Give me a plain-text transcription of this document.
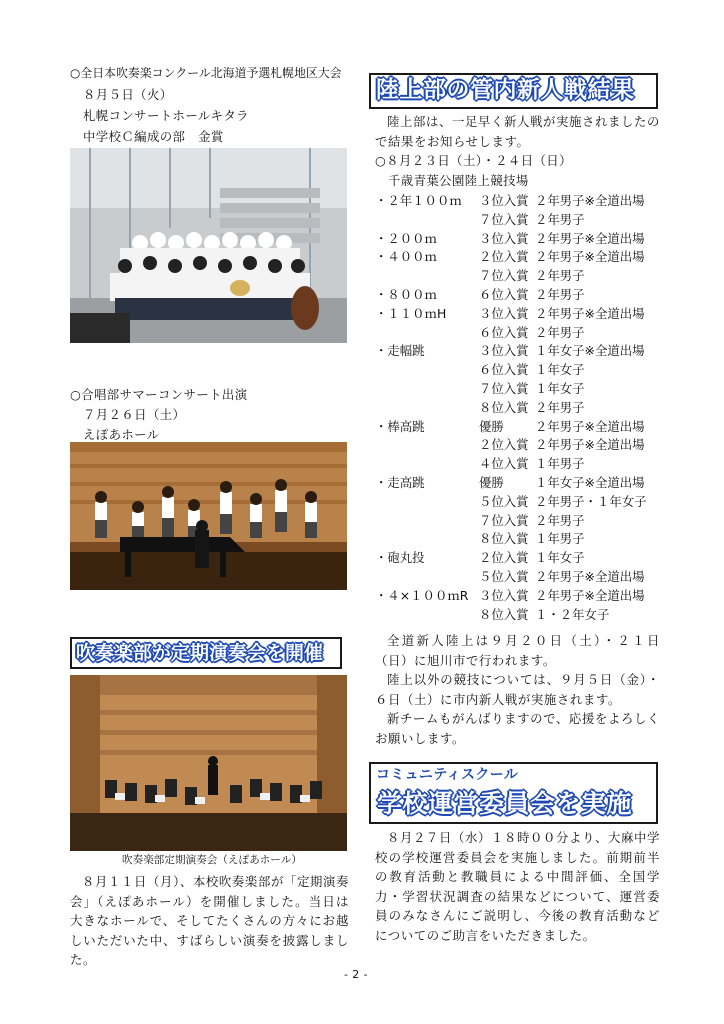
○全日本吹奏楽コンクール北海道予選札幌地区大会
８月５日（火）
札幌コンサートホールキタラ
中学校Ｃ編成の部　金賞
○合唱部サマーコンサート出演
７月２６日（土）
えぽあホール
吹奏楽部が定期演奏会を開催
吹奏楽部定期演奏会（えぽあホール）
８月１１日（月）、本校吹奏楽部が「定期演奏会」（えぽあホール）を開催しました。当日は大きなホールで、そしてたくさんの方々にお越しいただいた中、すばらしい演奏を披露しました。
陸上部の管内新人戦結果
陸上部は、一足早く新人戦が実施されましたので結果をお知らせします。
○８月２３日（土）・２４日（日）
千歳青葉公園陸上競技場
・２年１００ｍ ３位入賞 ２年男子※全道出場
７位入賞 ２年男子
・２００ｍ	３位入賞 ２年男子※全道出場
・４００ｍ	２位入賞 ２年男子※全道出場
７位入賞 ２年男子
・８００ｍ	６位入賞 ２年男子
・１１０ｍH	３位入賞 ２年男子※全道出場
６位入賞 ２年男子
・走幅跳	３位入賞 １年女子※全道出場
６位入賞 １年女子
７位入賞 １年女子
８位入賞 ２年男子
・棒高跳	優勝	２年男子※全道出場
２位入賞 ２年男子※全道出場
４位入賞 １年男子
・走高跳	優勝	１年女子※全道出場
５位入賞 ２年男子・１年女子
７位入賞 ２年男子
８位入賞 １年男子
・砲丸投	２位入賞 １年女子
５位入賞 ２年男子※全道出場
・４×１００ｍR ３位入賞 ２年男子※全道出場
８位入賞 １・２年女子
全道新人陸上は９月２０日（土）・２１日（日）に旭川市で行われます。
陸上以外の競技については、９月５日（金）・６日（土）に市内新人戦が実施されます。
新チームもがんばりますので、応援をよろしくお願いします。
コミュニティスクール
学校運営委員会を実施
８月２７日（水）１８時００分より、大麻中学校の学校運営委員会を実施しました。前期前半の教育活動と教職員による中間評価、全国学力・学習状況調査の結果などについて、運営委員のみなさんにご説明し、今後の教育活動などについてのご助言をいただきました。
- 2 -
